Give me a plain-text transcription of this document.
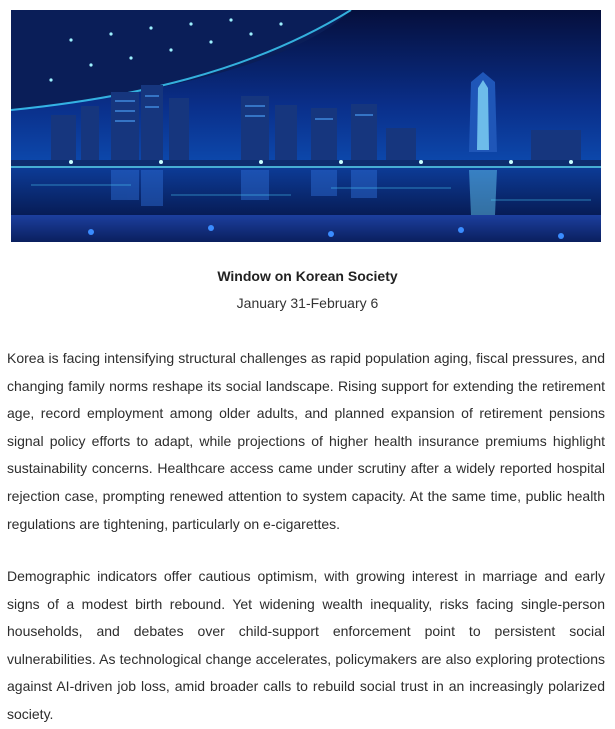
Window on Korean Society
January 31-February 6

Korea is facing intensifying structural challenges as rapid population aging, fiscal pressures, and changing family norms reshape its social landscape. Rising support for extending the retirement age, record employment among older adults, and planned expansion of retirement pensions signal policy efforts to adapt, while projections of higher health insurance premiums highlight sustainability concerns. Healthcare access came under scrutiny after a widely reported hospital rejection case, prompting renewed attention to system capacity. At the same time, public health regulations are tightening, particularly on e-cigarettes.

Demographic indicators offer cautious optimism, with growing interest in marriage and early signs of a modest birth rebound. Yet widening wealth inequality, risks facing single-person households, and debates over child-support enforcement point to persistent social vulnerabilities. As technological change accelerates, policymakers are also exploring protections against AI-driven job loss, amid broader calls to rebuild social trust in an increasingly polarized society.
